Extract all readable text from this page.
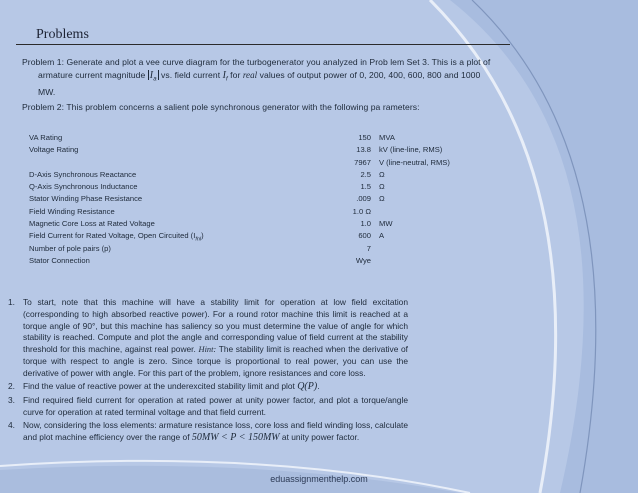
Problems
Problem 1: Generate and plot a vee curve diagram for the turbogenerator you analyzed in Prob lem Set 3. This is a plot of
armature current magnitude $I_a$ vs. field current $I_f$ for real values of output power of 0, 200, 400, 600, 800 and 1000
MW.
Problem 2: This problem concerns a salient pole synchronous generator with the following pa rameters:
VA Rating	150 MVA
Voltage Rating	13.8 kV (line-line, RMS)
7967 V (line-neutral, RMS)
D-Axis Synchronous Reactance	2.5 Ω
Q-Axis Synchronous Inductance	1.5 Ω
Stator Winding Phase Resistance	.009 Ω
Field Winding Resistance	1.0 Ω
Magnetic Core Loss at Rated Voltage	1.0 MW
Field Current for Rated Voltage, Open Circuited $(I_{fnl})$	600 A
Number of pole pairs (p)	7
Stator Connection	Wye
1. To start, note that this machine will have a stability limit for operation at low field excitation (corresponding to high absorbed reactive power). For a round rotor machine this limit is reached at a torque angle of 90°, but this machine has saliency so you must determine the value of angle for which stability is reached. Compute and plot the angle and corresponding value of field current at the stability threshold for this machine, against real power. Hint: The stability limit is reached when the derivative of torque with respect to angle is zero. Since torque is proportional to real power, you can use the derivative of power with angle. For this part of the problem, ignore resistances and core loss.
2. Find the value of reactive power at the underexcited stability limit and plot Q(P).
3. Find required field current for operation at rated power at unity power factor, and plot a torque/angle curve for operation at rated terminal voltage and that field current.
4. Now, considering the loss elements: armature resistance loss, core loss and field winding loss, calculate and plot machine efficiency over the range of 50MW < P < 150MW at unity power factor.
eduassignmenthelp.com
